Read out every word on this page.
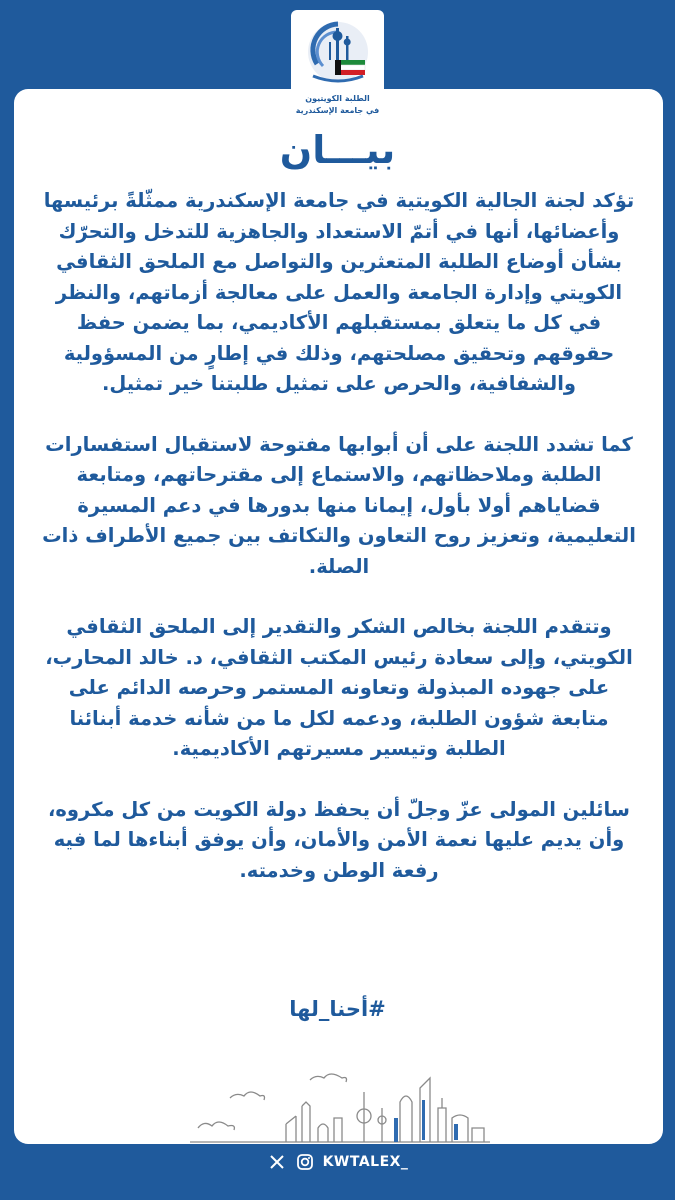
الطلبة الكويتيون
في جامعة الإسكندرية
بيـــان

تؤكد لجنة الجالية الكويتية في جامعة الإسكندرية ممثّلةً برئيسها وأعضائها، أنها في أتمّ الاستعداد والجاهزية للتدخل والتحرّك بشأن أوضاع الطلبة المتعثرين والتواصل مع الملحق الثقافي الكويتي وإدارة الجامعة والعمل على معالجة أزماتهم، والنظر في كل ما يتعلق بمستقبلهم الأكاديمي، بما يضمن حفظ حقوقهم وتحقيق مصلحتهم، وذلك في إطارٍ من المسؤولية والشفافية، والحرص على تمثيل طلبتنا خير تمثيل.

كما تشدد اللجنة على أن أبوابها مفتوحة لاستقبال استفسارات الطلبة وملاحظاتهم، والاستماع إلى مقترحاتهم، ومتابعة قضاياهم أولا بأول، إيمانا منها بدورها في دعم المسيرة التعليمية، وتعزيز روح التعاون والتكاتف بين جميع الأطراف ذات الصلة.

وتتقدم اللجنة بخالص الشكر والتقدير إلى الملحق الثقافي الكويتي، وإلى سعادة رئيس المكتب الثقافي، د. خالد المحارب، على جهوده المبذولة وتعاونه المستمر وحرصه الدائم على متابعة شؤون الطلبة، ودعمه لكل ما من شأنه خدمة أبنائنا الطلبة وتيسير مسيرتهم الأكاديمية.

سائلين المولى عزّ وجلّ أن يحفظ دولة الكويت من كل مكروه، وأن يديم عليها نعمة الأمن والأمان، وأن يوفق أبناءها لما فيه رفعة الوطن وخدمته.

#أحنا_لها
KWTALEX_
